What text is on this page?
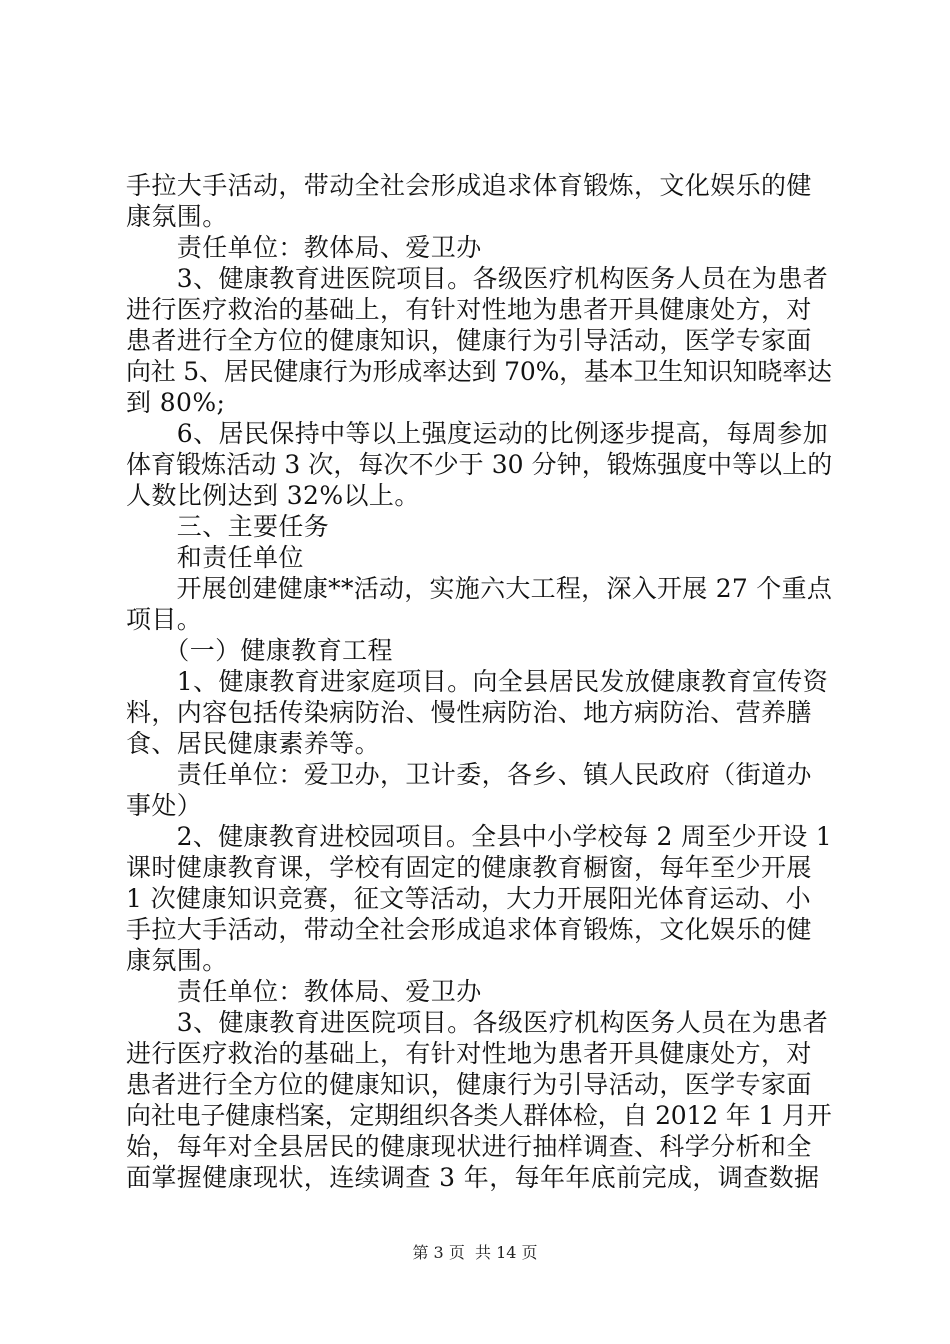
手拉大手活动，带动全社会形成追求体育锻炼，文化娱乐的健
康氛围。
　　责任单位：教体局、爱卫办
　　3、健康教育进医院项目。各级医疗机构医务人员在为患者
进行医疗救治的基础上，有针对性地为患者开具健康处方，对
患者进行全方位的健康知识，健康行为引导活动，医学专家面
向社 5、居民健康行为形成率达到 70%，基本卫生知识知晓率达
到 80%;
　　6、居民保持中等以上强度运动的比例逐步提高，每周参加
体育锻炼活动 3 次，每次不少于 30 分钟，锻炼强度中等以上的
人数比例达到 32%以上。
　　三、主要任务
　　和责任单位
　　开展创建健康**活动，实施六大工程，深入开展 27 个重点
项目。
　　（一）健康教育工程
　　1、健康教育进家庭项目。向全县居民发放健康教育宣传资
料，内容包括传染病防治、慢性病防治、地方病防治、营养膳
食、居民健康素养等。
　　责任单位：爱卫办，卫计委，各乡、镇人民政府（街道办
事处）
　　2、健康教育进校园项目。全县中小学校每 2 周至少开设 1
课时健康教育课，学校有固定的健康教育橱窗，每年至少开展
1 次健康知识竞赛，征文等活动，大力开展阳光体育运动、小
手拉大手活动，带动全社会形成追求体育锻炼，文化娱乐的健
康氛围。
　　责任单位：教体局、爱卫办
　　3、健康教育进医院项目。各级医疗机构医务人员在为患者
进行医疗救治的基础上，有针对性地为患者开具健康处方，对
患者进行全方位的健康知识，健康行为引导活动，医学专家面
向社电子健康档案，定期组织各类人群体检，自 2012 年 1 月开
始，每年对全县居民的健康现状进行抽样调查、科学分析和全
面掌握健康现状，连续调查 3 年，每年年底前完成，调查数据
第 3 页  共 14 页
